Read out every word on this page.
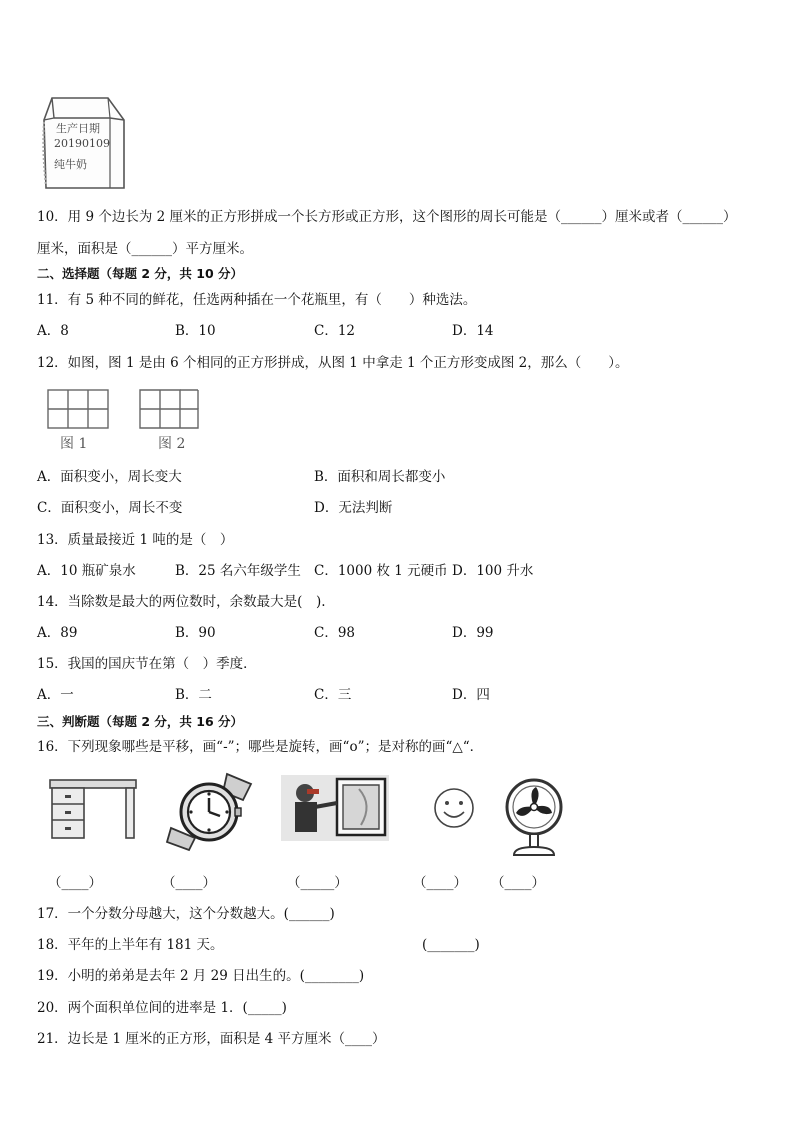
生产日期
20190109
纯牛奶
10．用 9 个边长为 2 厘米的正方形拼成一个长方形或正方形，这个图形的周长可能是（______）厘米或者（______）
厘米，面积是（______）平方厘米。
二、选择题（每题 2 分，共 10 分）
11．有 5 种不同的鲜花，任选两种插在一个花瓶里，有（　　）种选法。
A．8	B．10	C．12	D．14
12．如图，图 1 是由 6 个相同的正方形拼成，从图 1 中拿走 1 个正方形变成图 2，那么（　　）。
图 1	图 2
A．面积变小，周长变大	B．面积和周长都变小
C．面积变小，周长不变	D．无法判断
13．质量最接近 1 吨的是（　）
A．10 瓶矿泉水	B．25 名六年级学生 C．1000 枚 1 元硬币 D．100 升水
14．当除数是最大的两位数时，余数最大是(　).
A．89	B．90	C．98	D．99
15．我国的国庆节在第（　）季度．
A．一	B．二	C．三	D．四
三、判断题（每题 2 分，共 16 分）
16．下列现象哪些是平移，画“-”；哪些是旋转，画“o”；是对称的画“△“．
（____）	（____）	（_____）	（____） （____）
17．一个分数分母越大，这个分数越大。(______)
18．平年的上半年有 181 天。	(_______)
19．小明的弟弟是去年 2 月 29 日出生的。(________)
20．两个面积单位间的进率是 1．(_____)
21．边长是 1 厘米的正方形，面积是 4 平方厘米（____）
